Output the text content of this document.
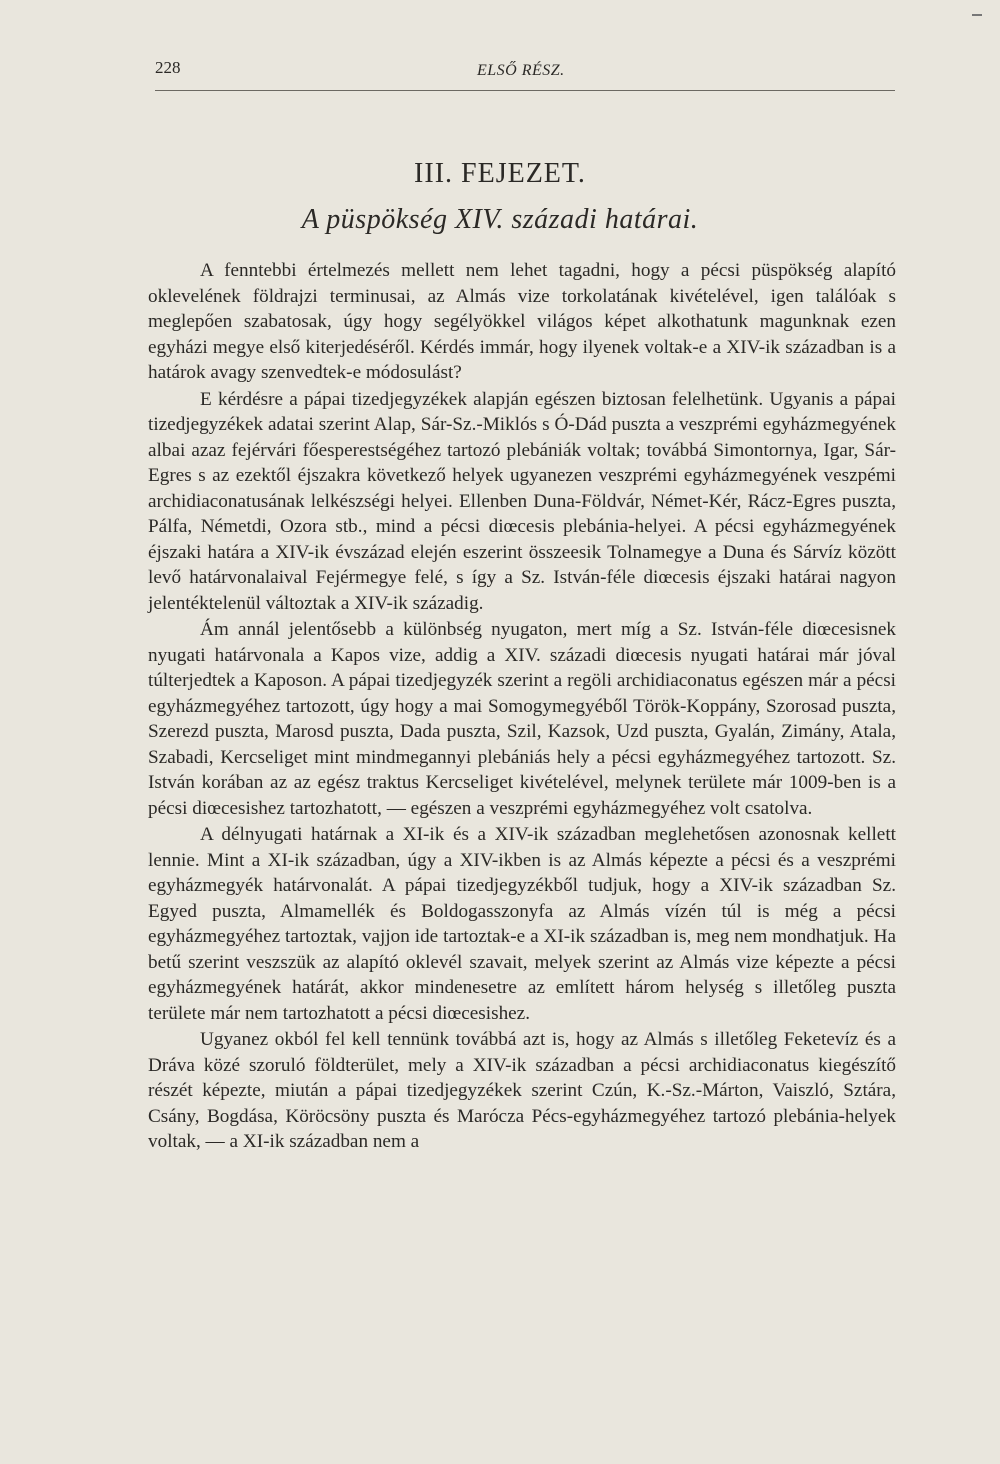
228	ELSŐ RÉSZ.
III. FEJEZET.
A püspökség XIV. századi határai.

A fenntebbi értelmezés mellett nem lehet tagadni, hogy a pécsi püspökség alapító oklevelének földrajzi terminusai, az Almás vize torkolatának kivételével, igen találóak s meglepően szabatosak, úgy hogy segélyökkel világos képet alkothatunk magunknak ezen egyházi megye első kiterjedéséről. Kérdés immár, hogy ilyenek voltak-e a XIV-ik században is a határok avagy szenvedtek-e módosulást?

E kérdésre a pápai tizedjegyzékek alapján egészen biztosan felelhetünk. Ugyanis a pápai tizedjegyzékek adatai szerint Alap, Sár-Sz.-Miklós s Ó-Dád puszta a veszprémi egyházmegyének albai azaz fejérvári főesperestségéhez tartozó plebániák voltak; továbbá Simontornya, Igar, Sár-Egres s az ezektől éjszakra következő helyek ugyanezen veszprémi egyházmegyének veszpémi archidiaconatusának lelkészségi helyei. Ellenben Duna-Földvár, Német-Kér, Rácz-Egres puszta, Pálfa, Németdi, Ozora stb., mind a pécsi diœcesis plebánia-helyei. A pécsi egyházmegyének éjszaki határa a XIV-ik évszázad elején eszerint összeesik Tolnamegye a Duna és Sárvíz között levő határvonalaival Fejérmegye felé, s így a Sz. István-féle diœcesis éjszaki határai nagyon jelentéktelenül változtak a XIV-ik századig.

Ám annál jelentősebb a különbség nyugaton, mert míg a Sz. István-féle diœcesisnek nyugati határvonala a Kapos vize, addig a XIV. századi diœcesis nyugati határai már jóval túlterjedtek a Kaposon. A pápai tizedjegyzék szerint a regöli archidiaconatus egészen már a pécsi egyházmegyéhez tartozott, úgy hogy a mai Somogymegyéből Török-Koppány, Szorosad puszta, Szerezd puszta, Marosd puszta, Dada puszta, Szil, Kazsok, Uzd puszta, Gyalán, Zimány, Atala, Szabadi, Kercseliget mint mindmegannyi plebániás hely a pécsi egyházmegyéhez tartozott. Sz. István korában az az egész traktus Kercseliget kivételével, melynek területe már 1009-ben is a pécsi diœcesishez tartozhatott, — egészen a veszprémi egyházmegyéhez volt csatolva.

A délnyugati határnak a XI-ik és a XIV-ik században meglehetősen azonosnak kellett lennie. Mint a XI-ik században, úgy a XIV-ikben is az Almás képezte a pécsi és a veszprémi egyházmegyék határvonalát. A pápai tizedjegyzékből tudjuk, hogy a XIV-ik században Sz. Egyed puszta, Almamellék és Boldogasszonyfa az Almás vízén túl is még a pécsi egyházmegyéhez tartoztak, vajjon ide tartoztak-e a XI-ik században is, meg nem mondhatjuk. Ha betű szerint veszszük az alapító oklevél szavait, melyek szerint az Almás vize képezte a pécsi egyházmegyének határát, akkor mindenesetre az említett három helység s illetőleg puszta területe már nem tartozhatott a pécsi diœcesishez.

Ugyanez okból fel kell tennünk továbbá azt is, hogy az Almás s illetőleg Feketevíz és a Dráva közé szoruló földterület, mely a XIV-ik században a pécsi archidiaconatus kiegészítő részét képezte, miután a pápai tizedjegyzékek szerint Czún, K.-Sz.-Márton, Vaiszló, Sztára, Csány, Bogdása, Köröcsöny puszta és Marócza Pécs-egyházmegyéhez tartozó plebánia-helyek voltak, — a XI-ik században nem a
